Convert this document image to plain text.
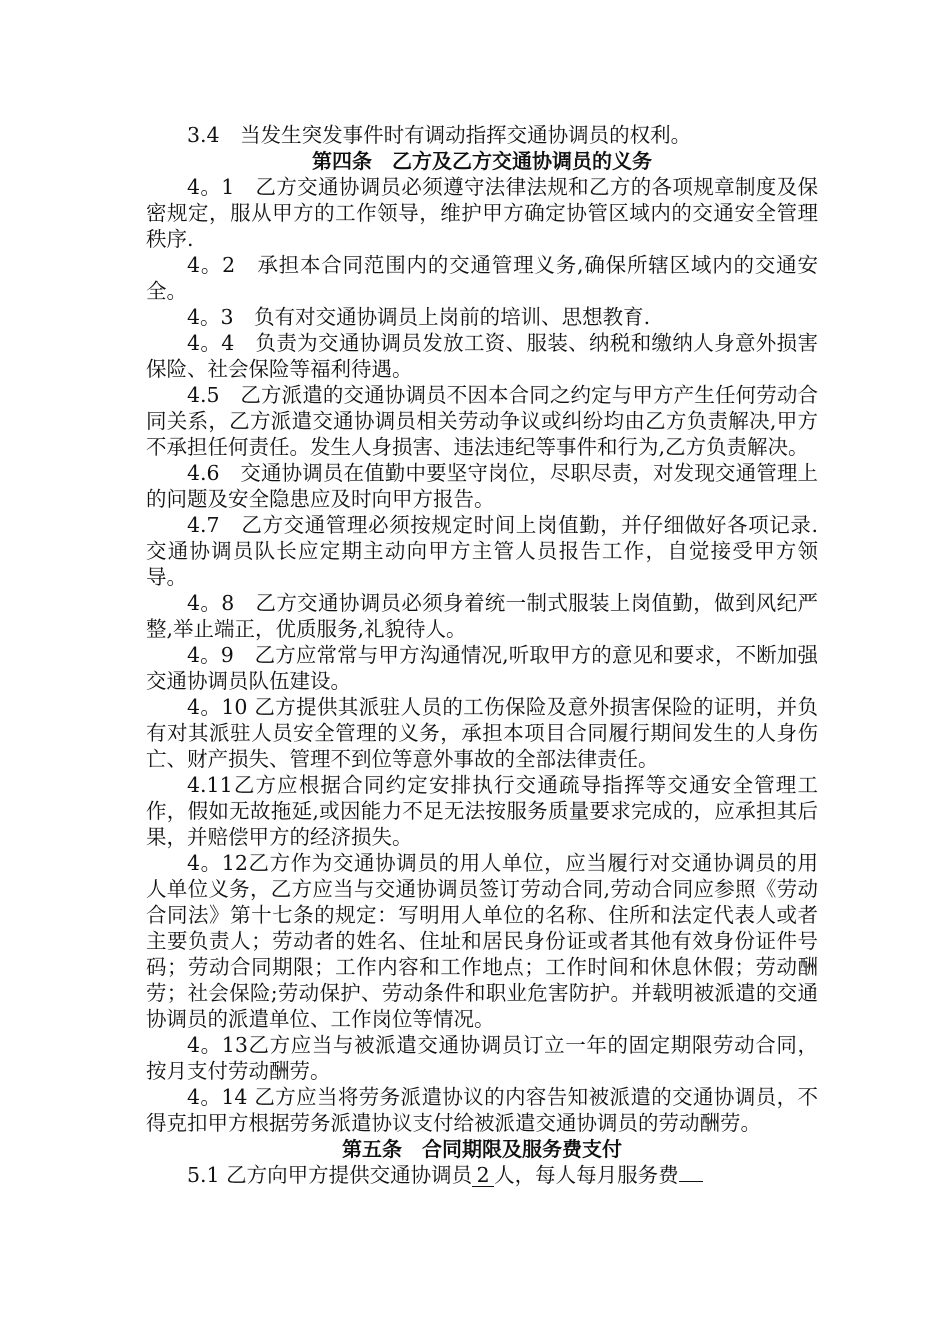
3.4　当发生突发事件时有调动指挥交通协调员的权利。

第四条　乙方及乙方交通协调员的义务

4。1　乙方交通协调员必须遵守法律法规和乙方的各项规章制度及保密规定，服从甲方的工作领导，维护甲方确定协管区域内的交通安全管理秩序.

4。2　承担本合同范围内的交通管理义务,确保所辖区域内的交通安全。

4。3　负有对交通协调员上岗前的培训、思想教育.

4。4　负责为交通协调员发放工资、服装、纳税和缴纳人身意外损害保险、社会保险等福利待遇。

4.5　乙方派遣的交通协调员不因本合同之约定与甲方产生任何劳动合同关系，乙方派遣交通协调员相关劳动争议或纠纷均由乙方负责解决,甲方不承担任何责任。发生人身损害、违法违纪等事件和行为,乙方负责解决。

4.6　交通协调员在值勤中要坚守岗位，尽职尽责，对发现交通管理上的问题及安全隐患应及时向甲方报告。

4.7　乙方交通管理必须按规定时间上岗值勤，并仔细做好各项记录.交通协调员队长应定期主动向甲方主管人员报告工作，自觉接受甲方领导。

4。8　乙方交通协调员必须身着统一制式服装上岗值勤，做到风纪严整,举止端正，优质服务,礼貌待人。

4。9　乙方应常常与甲方沟通情况,听取甲方的意见和要求，不断加强交通协调员队伍建设。

4。10 乙方提供其派驻人员的工伤保险及意外损害保险的证明，并负有对其派驻人员安全管理的义务，承担本项目合同履行期间发生的人身伤亡、财产损失、管理不到位等意外事故的全部法律责任。

4.11乙方应根据合同约定安排执行交通疏导指挥等交通安全管理工作，假如无故拖延,或因能力不足无法按服务质量要求完成的，应承担其后果，并赔偿甲方的经济损失。

4。12乙方作为交通协调员的用人单位，应当履行对交通协调员的用人单位义务，乙方应当与交通协调员签订劳动合同,劳动合同应参照《劳动合同法》第十七条的规定：写明用人单位的名称、住所和法定代表人或者主要负责人；劳动者的姓名、住址和居民身份证或者其他有效身份证件号码；劳动合同期限；工作内容和工作地点；工作时间和休息休假；劳动酬劳；社会保险;劳动保护、劳动条件和职业危害防护。并载明被派遣的交通协调员的派遣单位、工作岗位等情况。

4。13乙方应当与被派遣交通协调员订立一年的固定期限劳动合同，按月支付劳动酬劳。

4。14 乙方应当将劳务派遣协议的内容告知被派遣的交通协调员，不得克扣甲方根据劳务派遣协议支付给被派遣交通协调员的劳动酬劳。

第五条　合同期限及服务费支付

5.1 乙方向甲方提供交通协调员 2 人，每人每月服务费
